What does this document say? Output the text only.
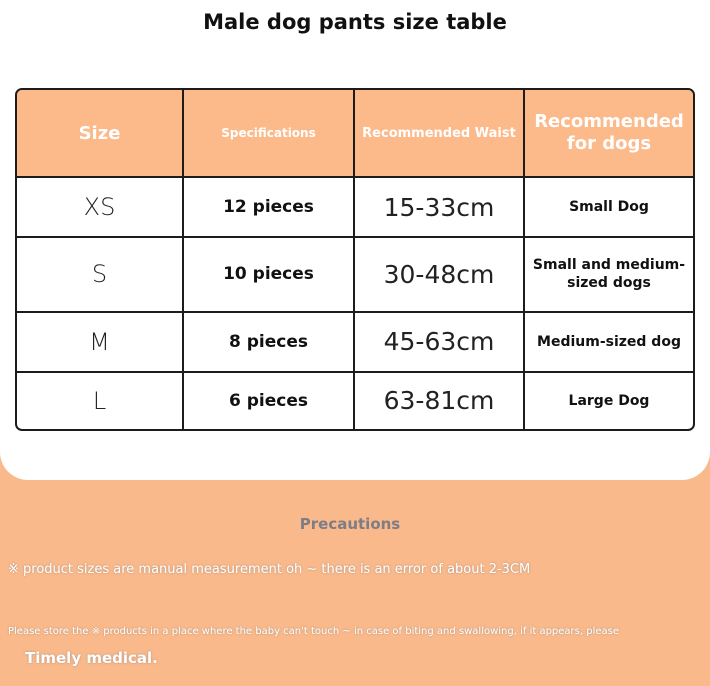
Male dog pants size table
Size	Specifications	Recommended Waist	Recommended for dogs
XS	12 pieces	15-33cm	Small Dog
S	10 pieces	30-48cm	Small and medium-sized dogs
M	8 pieces	45-63cm	Medium-sized dog
L	6 pieces	63-81cm	Large Dog
Precautions
※ product sizes are manual measurement oh ~ there is an error of about 2-3CM
Please store the ※ products in a place where the baby can't touch ~ in case of biting and swallowing, if it appears, please
Timely medical.
